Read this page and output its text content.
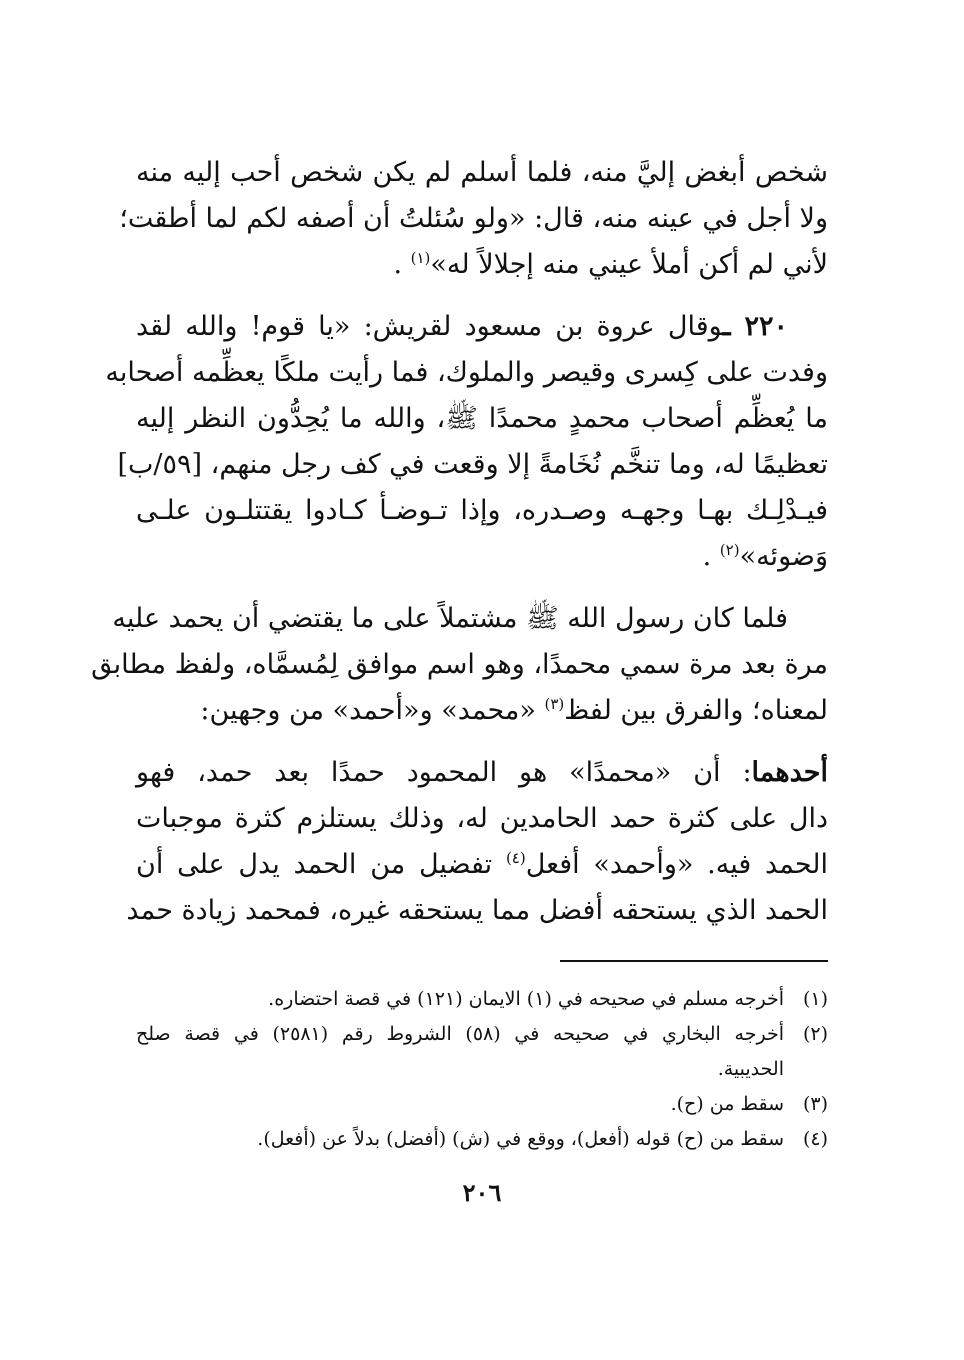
شخص أبغض إليَّ منه، فلما أسلم لم يكن شخص أحب إليه منه
ولا أجل في عينه منه، قال: «ولو سُئلتُ أن أصفه لكم لما أطقت؛
لأني لم أكن أملأ عيني منه إجلالاً له»$^{(١)}$ .

٢٢٠ ـوقال عروة بن مسعود لقريش: «يا قوم! والله لقد
وفدت على كِسرى وقيصر والملوك، فما رأيت ملكًا يعظِّمه أصحابه
ما يُعظِّم أصحاب محمدٍ محمدًا ﷺ، والله ما يُحِدُّون النظر إليه
تعظيمًا له، وما تنخَّم نُخَامةً إلا وقعت في كف رجل منهم، [٥٩/ب]
فيـدْلِـك بهـا وجهـه وصـدره، وإذا تـوضـأ كـادوا يقتتلـون علـى
وَضوئه»$^{(٢)}$ .

فلما كان رسول الله ﷺ مشتملاً على ما يقتضي أن يحمد عليه
مرة بعد مرة سمي محمدًا، وهو اسم موافق لِمُسمَّاه، ولفظ مطابق
لمعناه؛ والفرق بين لفظ$^{(٣)}$ «محمد» و«أحمد» من وجهين:

أحدهما: أن «محمدًا» هو المحمود حمدًا بعد حمد، فهو
دال على كثرة حمد الحامدين له، وذلك يستلزم كثرة موجبات
الحمد فيه. «وأحمد» أفعل$^{(٤)}$ تفضيل من الحمد يدل على أن
الحمد الذي يستحقه أفضل مما يستحقه غيره، فمحمد زيادة حمد

(١)
أخرجه مسلم في صحيحه في (١) الايمان (١٢١) في قصة احتضاره.
(٢)
أخرجه البخاري في صحيحه في (٥٨) الشروط رقم (٢٥٨١) في قصة صلح
الحديبية.
(٣)
سقط من (ح).
(٤)
سقط من (ح) قوله (أفعل)، ووقع في (ش) (أفضل) بدلاً عن (أفعل).
٢٠٦
